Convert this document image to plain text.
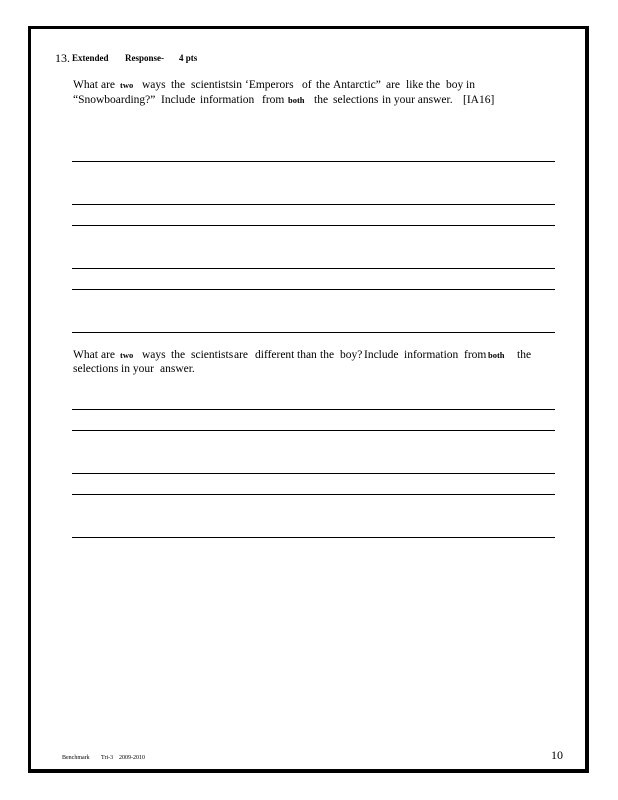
13. Extended Response- 4 pts
What are two ways the scientists in ‘Emperors of the Antarctic” are like the boy in
“Snowboarding?” Include information from both the selections in your answer. [IA16]
What are two ways the scientists are different than the boy? Include information from both the
selections in your answer.
Benchmark Tri-3 2009-2010	10
